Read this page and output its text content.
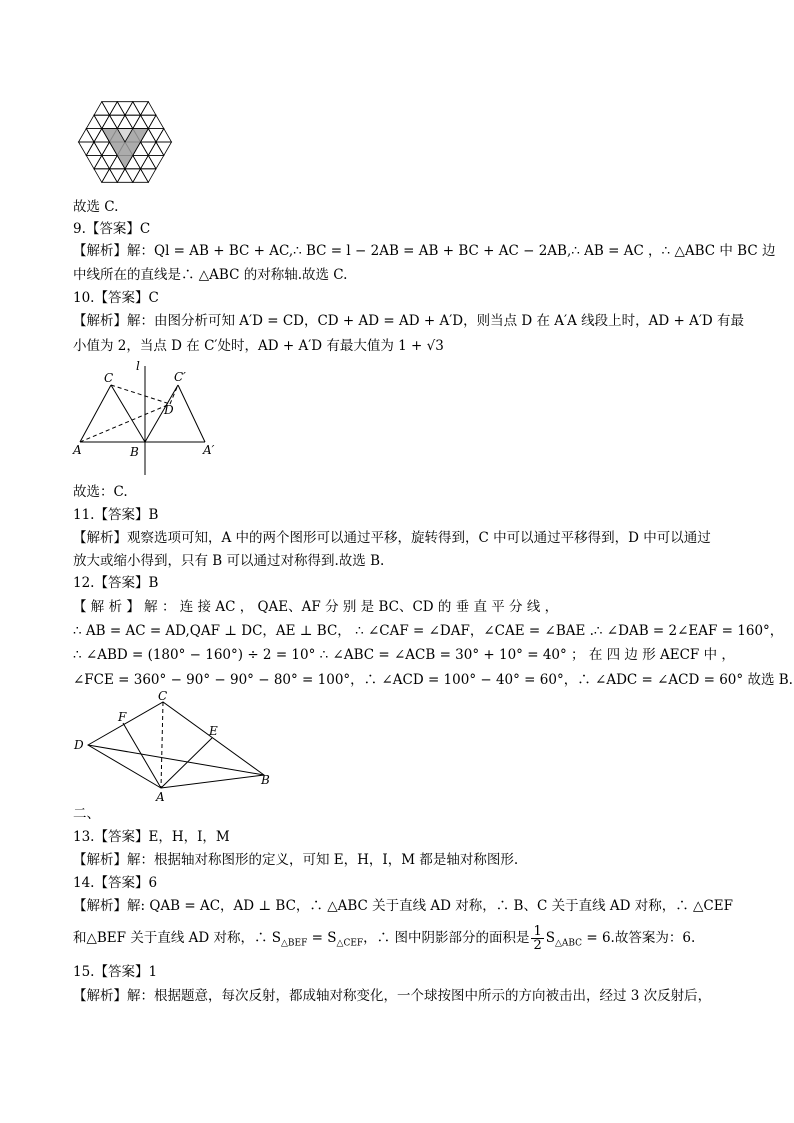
故选 C.
9.【答案】C
【解析】解：Ql = AB + BC + AC,∴ BC = l − 2AB = AB + BC + AC − 2AB,∴ AB = AC ，∴ △ABC 中 BC 边
中线所在的直线是∴ △ABC 的对称轴.故选 C.
10.【答案】C
【解析】解：由图分析可知 A′D = CD，CD + AD = AD + A′D，则当点 D 在 A′A 线段上时，AD + A′D 有最
小值为 2，当点 D 在 C′处时，AD + A′D 有最大值为 1 + √3
C	C′
l
D
A	B	A′
故选：C.
11.【答案】B
【解析】观察选项可知，A 中的两个图形可以通过平移，旋转得到，C 中可以通过平移得到，D 中可以通过
放大或缩小得到，只有 B 可以通过对称得到.故选 B.
12.【答案】B
【 解 析 】 解 ： 连 接 AC ， QAE、AF 分 别 是 BC、CD 的 垂 直 平 分 线 ，
∴ AB = AC = AD,QAF ⊥ DC，AE ⊥ BC， ∴ ∠CAF = ∠DAF，∠CAE = ∠BAE .∴ ∠DAB = 2∠EAF = 160°，
∴ ∠ABD = (180° − 160°) ÷ 2 = 10° ∴ ∠ABC = ∠ACB = 30° + 10° = 40° ； 在 四 边 形 AECF 中 ，
∠FCE = 360° − 90° − 90° − 80° = 100°，∴ ∠ACD = 100° − 40° = 60°，∴ ∠ADC = ∠ACD = 60° 故选 B.
C
F
E
D
B
A
二、
13.【答案】E，H，I，M
【解析】解：根据轴对称图形的定义，可知 E，H，I，M 都是轴对称图形.
14.【答案】6
【解析】解: QAB = AC，AD ⊥ BC，∴ △ABC 关于直线 AD 对称，∴ B、C 关于直线 AD 对称，∴ △CEF
和△BEF 关于直线 AD 对称，∴ $S_{\triangle BEF} = S_{\triangle CEF}$，∴ 图中阴影部分的面积是 $\frac{1}{2} S_{\triangle ABC} = 6$.故答案为：6.
15.【答案】1
【解析】解：根据题意，每次反射，都成轴对称变化，一个球按图中所示的方向被击出，经过 3 次反射后，
